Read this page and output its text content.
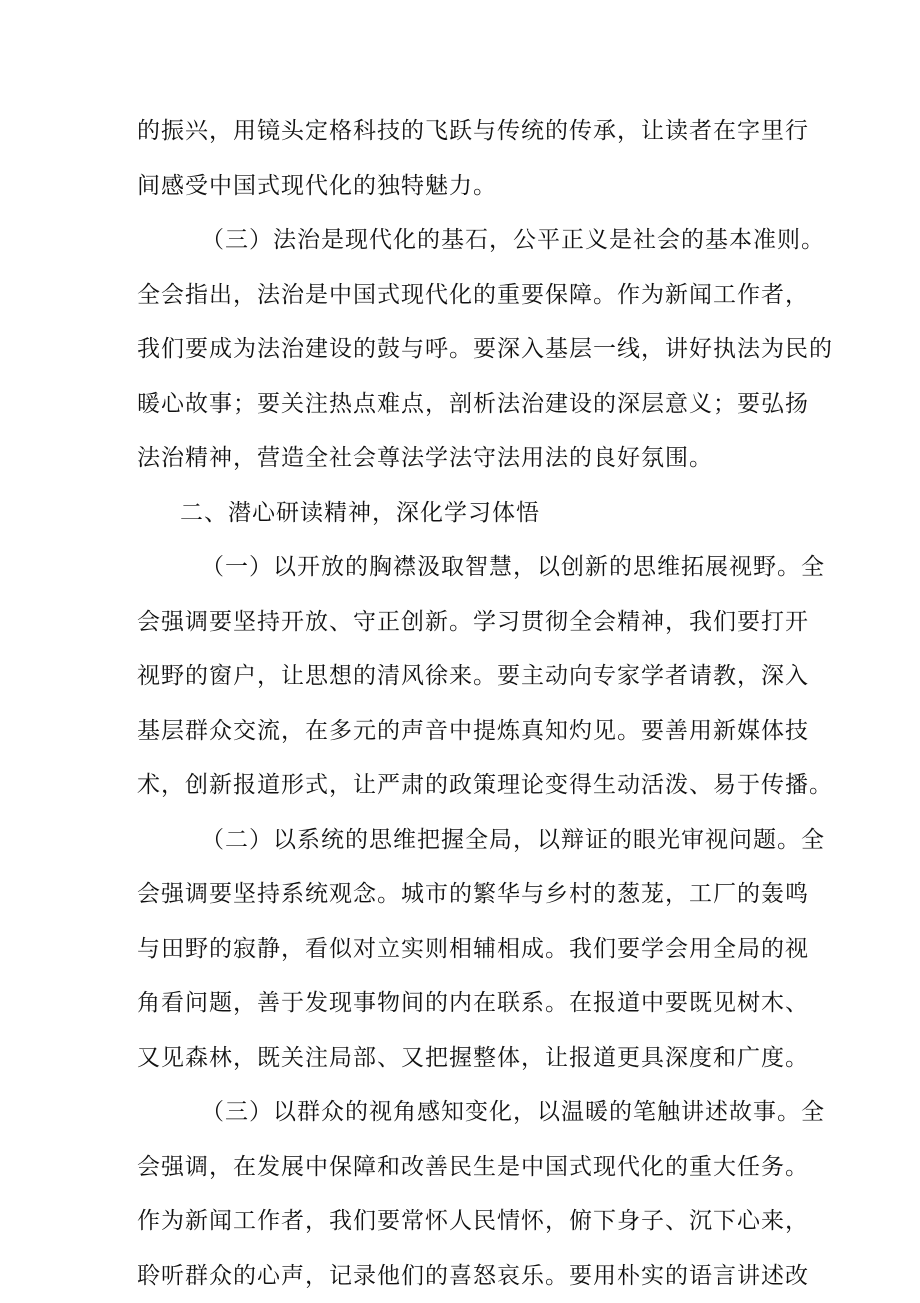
的振兴，用镜头定格科技的飞跃与传统的传承，让读者在字里行
间感受中国式现代化的独特魅力。
（三）法治是现代化的基石，公平正义是社会的基本准则。
全会指出，法治是中国式现代化的重要保障。作为新闻工作者，
我们要成为法治建设的鼓与呼。要深入基层一线，讲好执法为民的
暖心故事；要关注热点难点，剖析法治建设的深层意义；要弘扬
法治精神，营造全社会尊法学法守法用法的良好氛围。
二、潜心研读精神，深化学习体悟
（一）以开放的胸襟汲取智慧，以创新的思维拓展视野。全
会强调要坚持开放、守正创新。学习贯彻全会精神，我们要打开
视野的窗户，让思想的清风徐来。要主动向专家学者请教，深入
基层群众交流，在多元的声音中提炼真知灼见。要善用新媒体技
术，创新报道形式，让严肃的政策理论变得生动活泼、易于传播。
（二）以系统的思维把握全局，以辩证的眼光审视问题。全
会强调要坚持系统观念。城市的繁华与乡村的葱茏，工厂的轰鸣
与田野的寂静，看似对立实则相辅相成。我们要学会用全局的视
角看问题，善于发现事物间的内在联系。在报道中要既见树木、
又见森林，既关注局部、又把握整体，让报道更具深度和广度。
（三）以群众的视角感知变化，以温暖的笔触讲述故事。全
会强调，在发展中保障和改善民生是中国式现代化的重大任务。
作为新闻工作者，我们要常怀人民情怀，俯下身子、沉下心来，
聆听群众的心声，记录他们的喜怒哀乐。要用朴实的语言讲述改
